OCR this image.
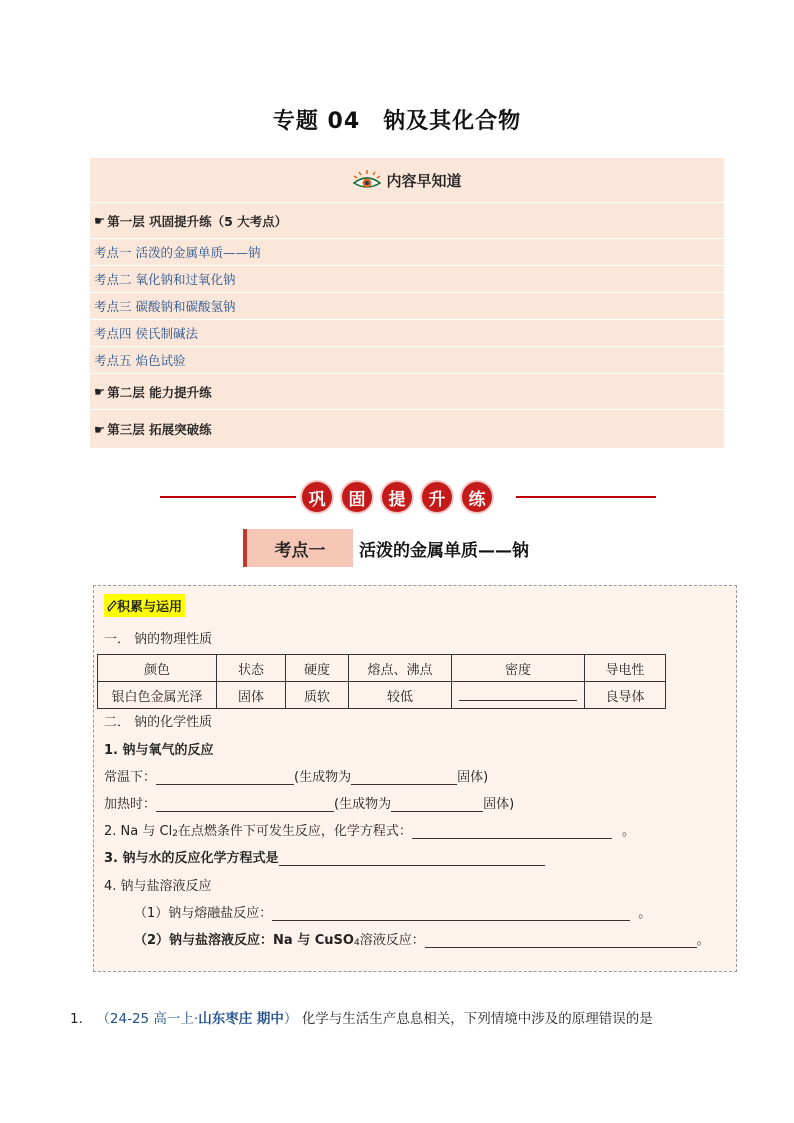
专题 04　钠及其化合物
内容早知道
☛ 第一层 巩固提升练（5 大考点）
考点一 活泼的金属单质——钠
考点二 氧化钠和过氧化钠
考点三 碳酸钠和碳酸氢钠
考点四 侯氏制碱法
考点五 焰色试验
☛ 第二层 能力提升练
☛ 第三层 拓展突破练
巩	固	提	升	练
考点一	活泼的金属单质——钠
积累与运用
一． 钠的物理性质
颜色	状态	硬度	熔点、沸点	密度	导电性
银白色金属光泽	固体	质软	较低		良导体
二． 钠的化学性质
1. 钠与氧气的反应
常温下：	(生成物为	固体)
加热时：	(生成物为	固体)
2. Na 与 $Cl_2$ 在点燃条件下可发生反应，化学方程式：	。
3. 钠与水的反应化学方程式是
4. 钠与盐溶液反应
（1）钠与熔融盐反应：	。
（2）钠与盐溶液反应：Na 与 CuSO$_4$ 溶液反应：	。
1． （24-25 高一上·山东枣庄 期中） 化学与生活生产息息相关，下列情境中涉及的原理错误的是
